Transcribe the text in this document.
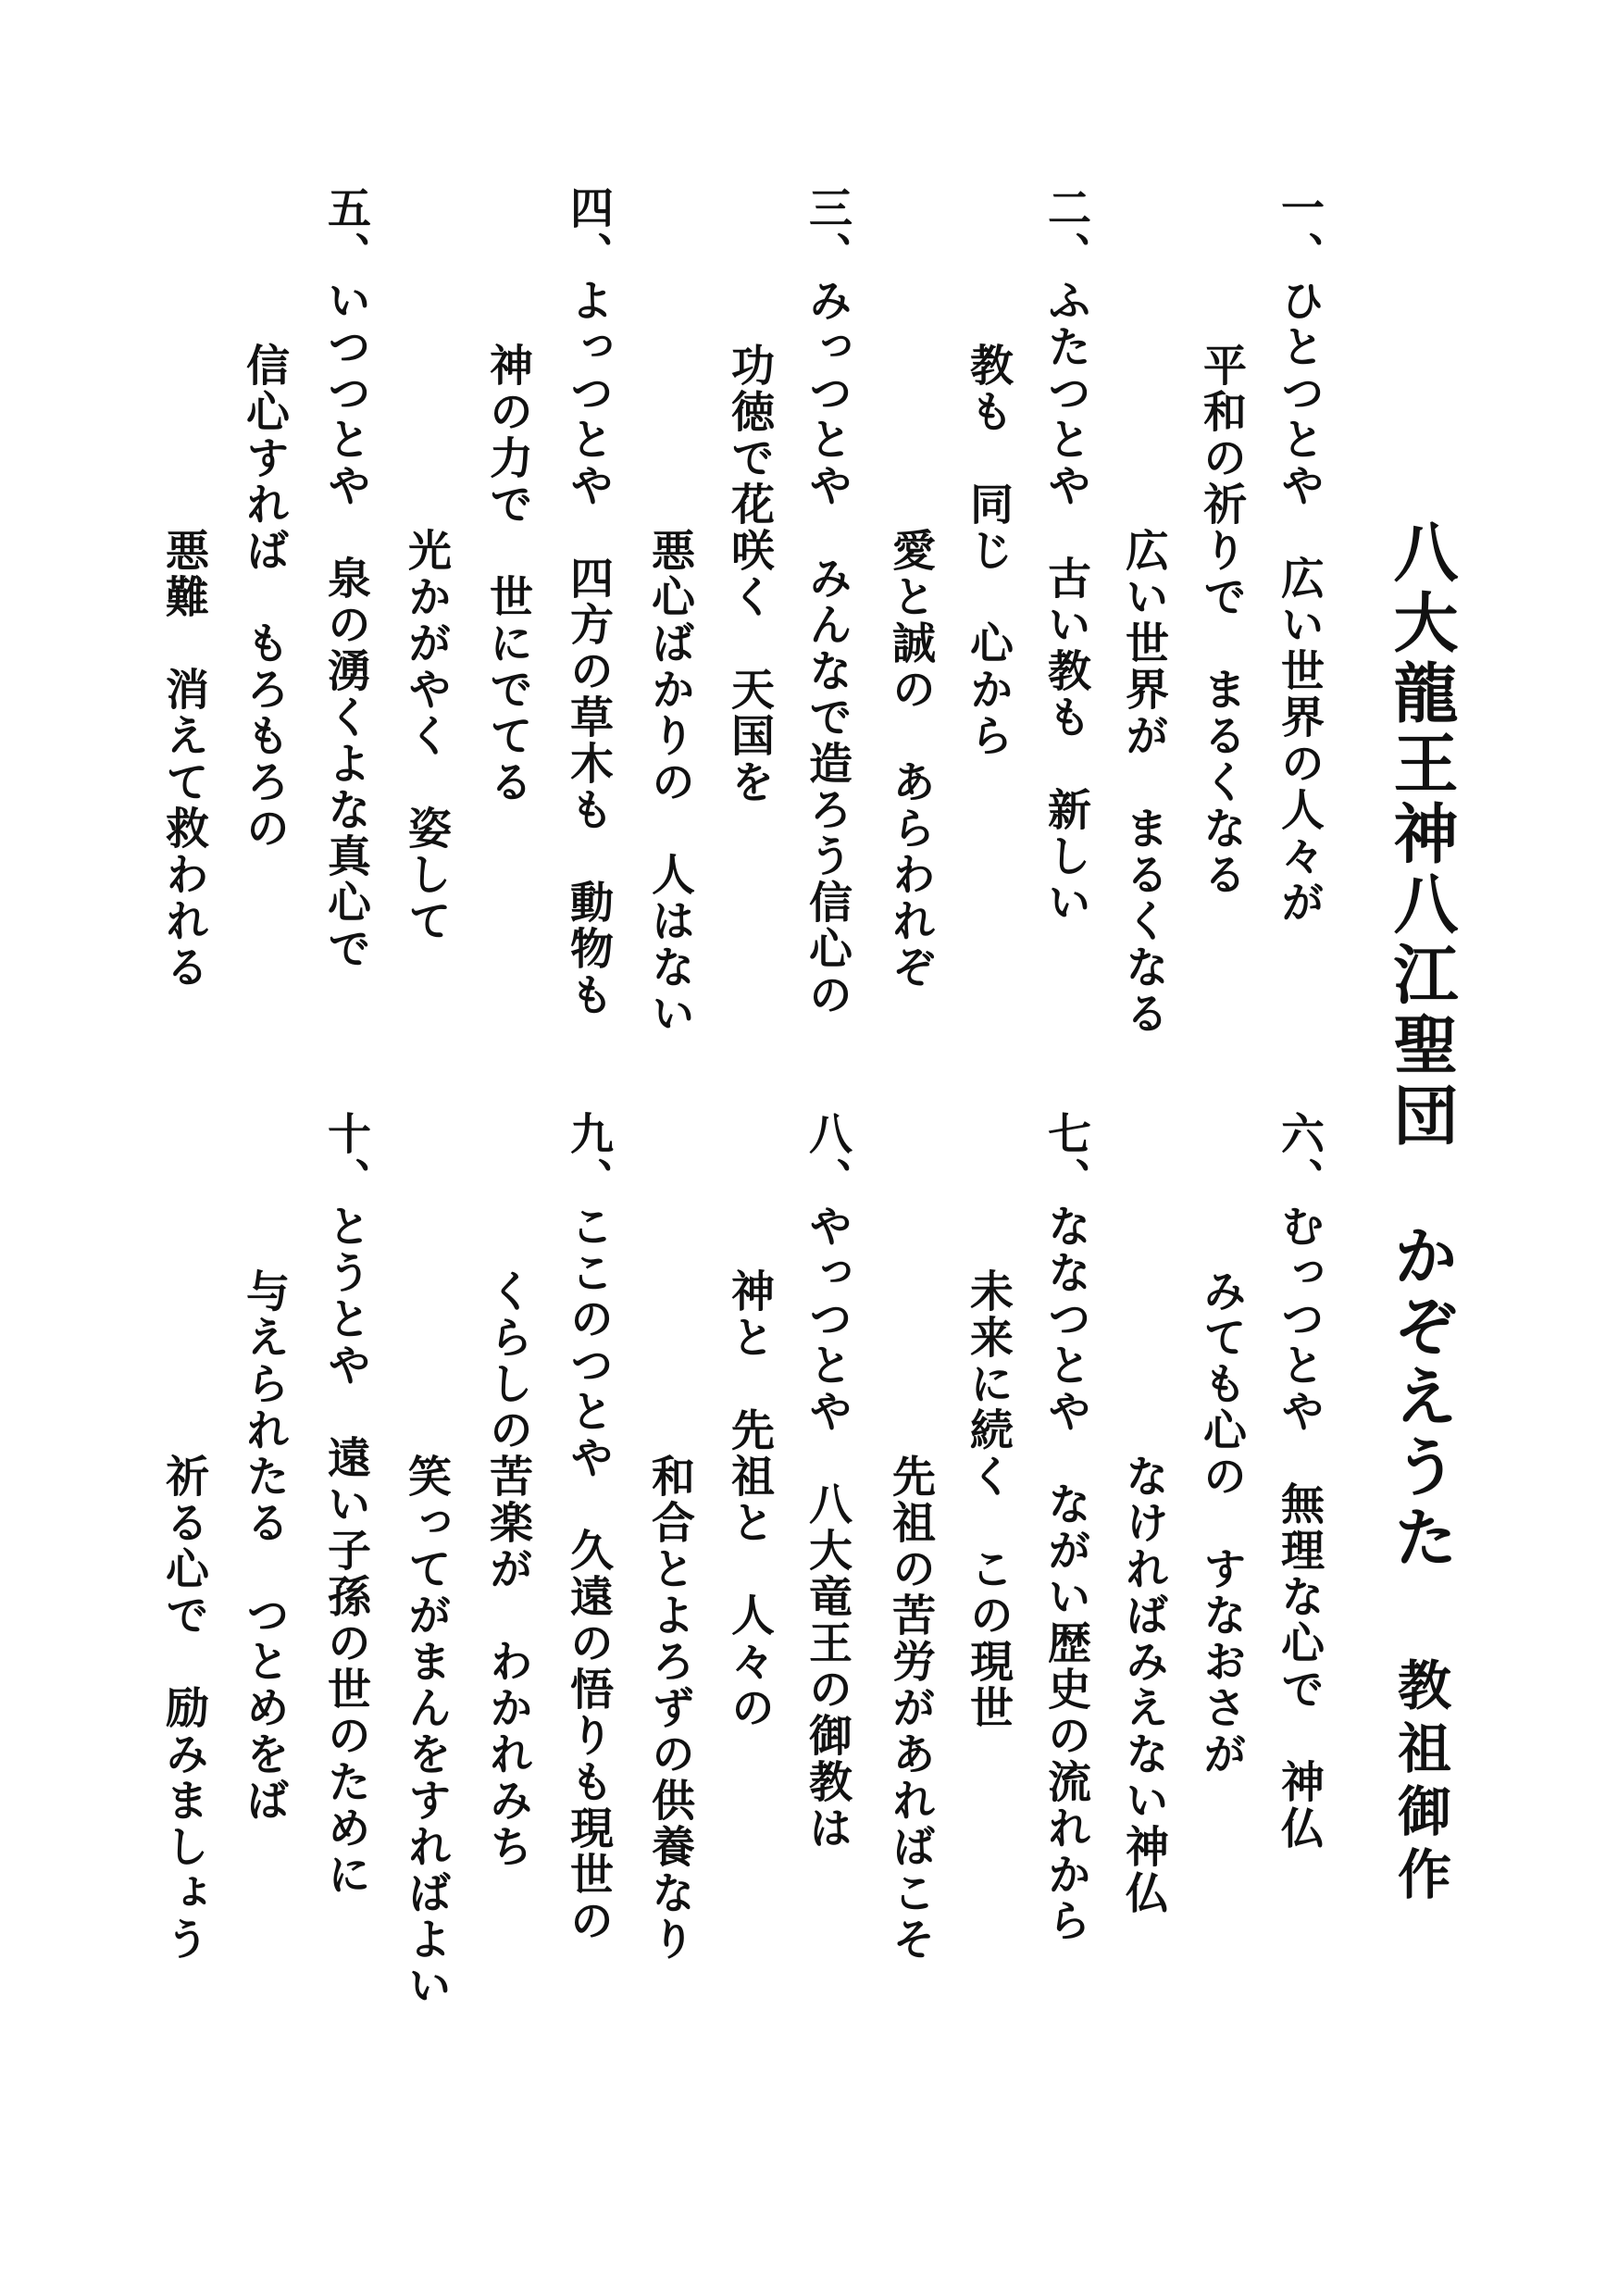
八大龍王神八江聖団　かぞえうた
教祖御作
一、ひとつとや　広い世界の人々が
平和の祈りで　まるくなる
広い世界が　まるくなる
二、ふたつとや　古い教も　新しい
教も　同じ　心から
愛と誠の　あらわれぞ
三、みっつとや　みんなで造ろう信心の
功徳で花咲く　天国を
四、よっつとや　四方の草木も　動物も 悪心ばかりの　人はない
神の力で　世にでてる
五、いつつとや　泉の湧くよな真心で 光かがやく　姿して
信心すれば　もろもろの
悪難　消えて救われる
六、むっつとや　無理な心で　神仏
みても心の　すなおさが
なければみえない神仏
七、ななつとや　ながい歴史の流れから
未来に続く　この現世
先祖の苦労があればこそ
八、やっつとや　八大竜王の御教は
神と　先祖と　人々の
和合とよろずの供養なり
九、ここのつとや　久遠の悟りも現世の
くらしの苦楽が　わかれみち
笑ってがまんをすればよい
十、とうとや　遠い子孫の世のために
与えられたる　つとめをば
祈る心で　励みましょう
